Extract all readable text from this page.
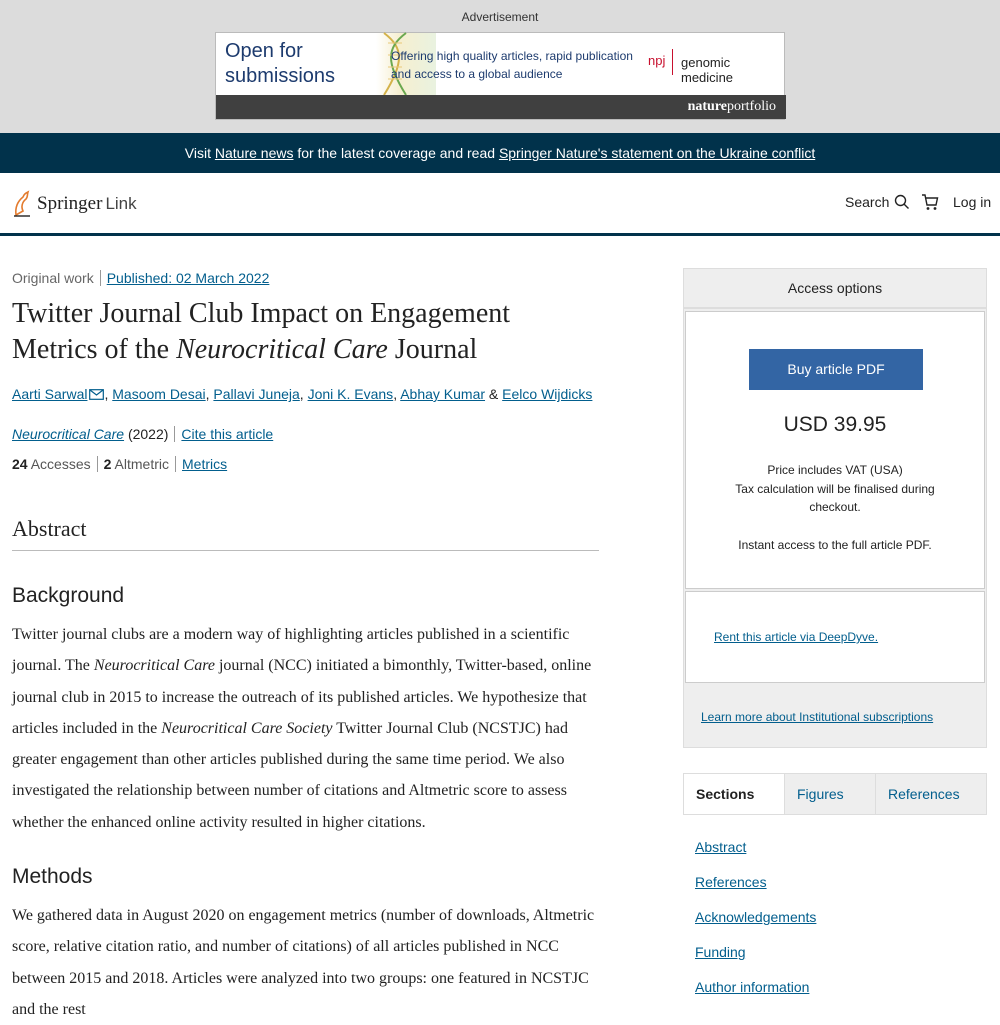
Advertisement
Open for
submissions
Offering high quality articles, rapid publication
and access to a global audience
npj genomic medicine
natureportfolio
Visit Nature news for the latest coverage and read Springer Nature's statement on the Ukraine conflict
Springer Link	Search	Log in
Original work Published: 02 March 2022
Twitter Journal Club Impact on Engagement Metrics of the Neurocritical Care Journal
Aarti Sarwal , Masoom Desai, Pallavi Juneja, Joni K. Evans, Abhay Kumar & Eelco Wijdicks
Neurocritical Care (2022) Cite this article
24 Accesses 2 Altmetric Metrics
Abstract
Background

Twitter journal clubs are a modern way of highlighting articles published in a scientific journal. The Neurocritical Care journal (NCC) initiated a bimonthly, Twitter-based, online journal club in 2015 to increase the outreach of its published articles. We hypothesize that articles included in the Neurocritical Care Society Twitter Journal Club (NCSTJC) had greater engagement than other articles published during the same time period. We also investigated the relationship between number of citations and Altmetric score to assess whether the enhanced online activity resulted in higher citations.

Methods

We gathered data in August 2020 on engagement metrics (number of downloads, Altmetric score, relative citation ratio, and number of citations) of all articles published in NCC between 2015 and 2018. Articles were analyzed into two groups: one featured in NCSTJC and the rest

Access options
Buy article PDF
USD 39.95
Price includes VAT (USA)
Tax calculation will be finalised during
checkout.
Instant access to the full article PDF.
Rent this article via DeepDyve.
Learn more about Institutional subscriptions
Sections	Figures	References
Abstract
References
Acknowledgements
Funding
Author information
